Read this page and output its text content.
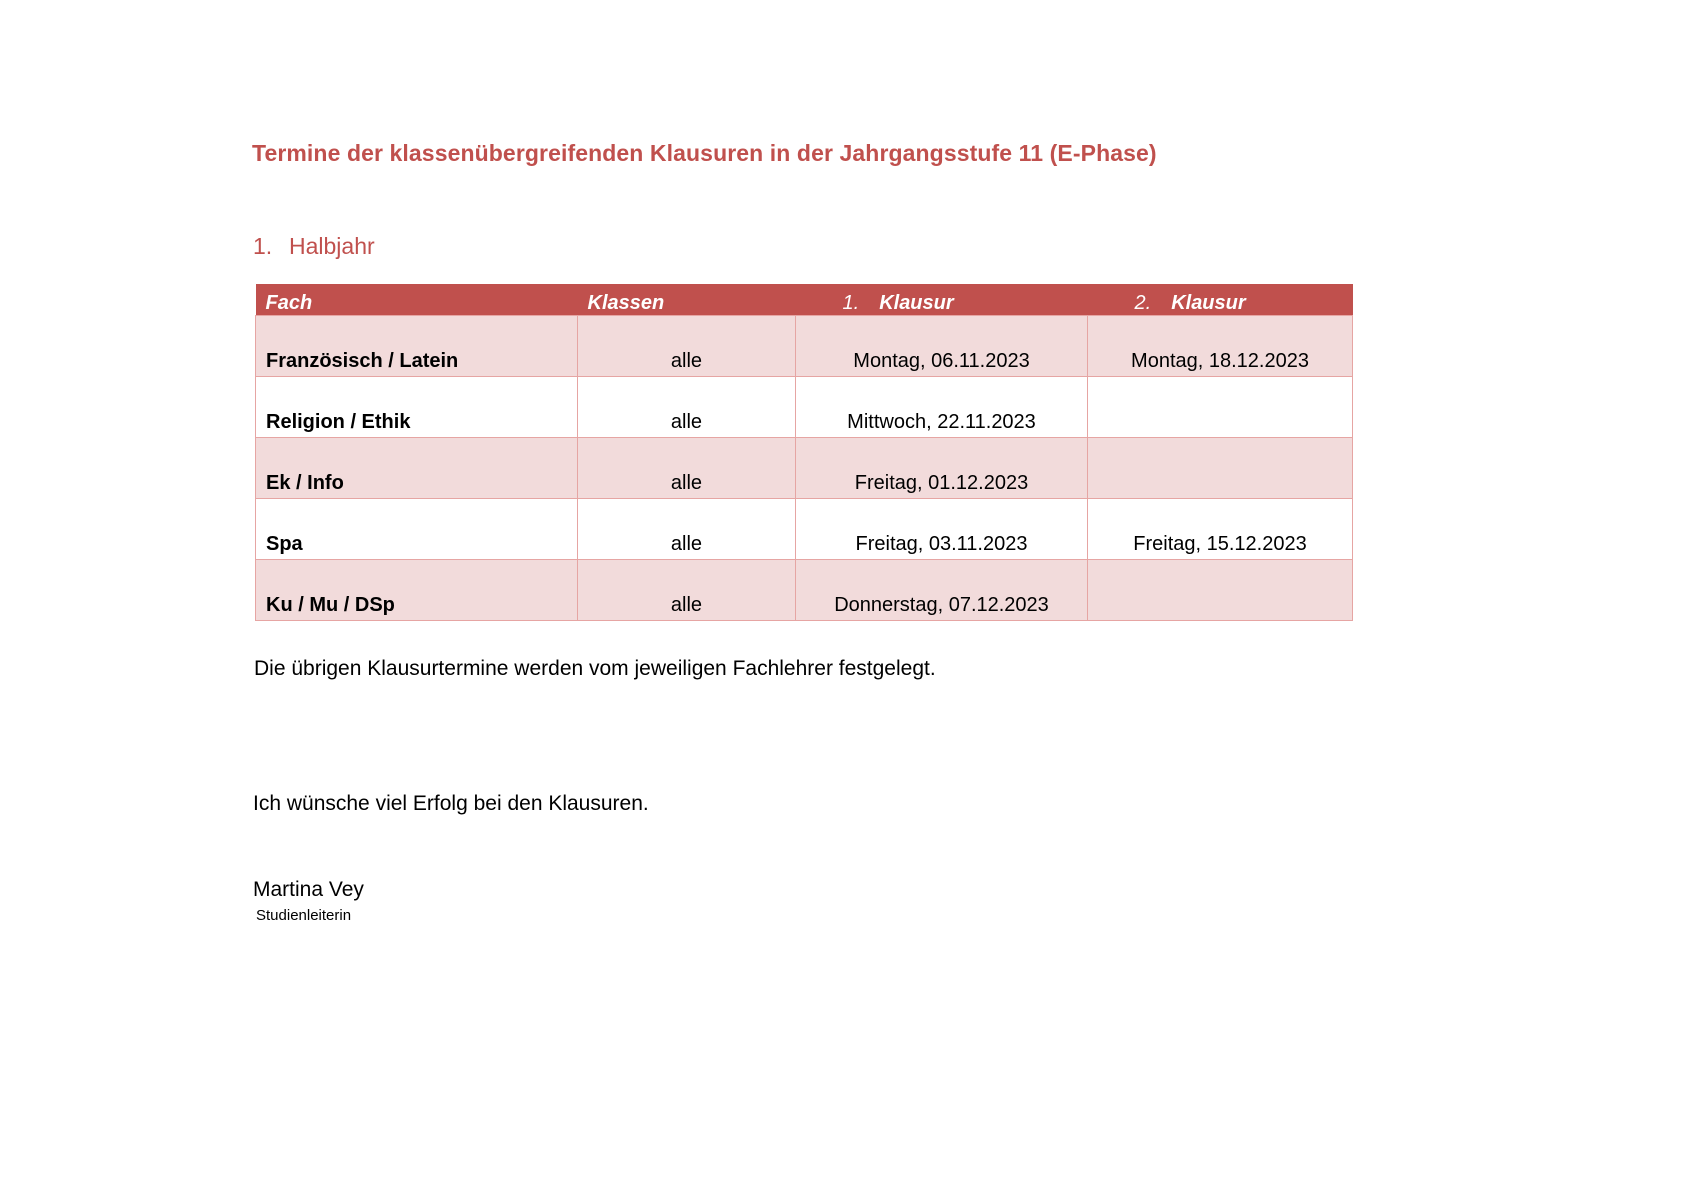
Termine der klassenübergreifenden Klausuren in der Jahrgangsstufe 11 (E-Phase)
1. Halbjahr
Fach	Klassen	1. Klausur	2. Klausur
Französisch / Latein	alle	Montag, 06.11.2023	Montag, 18.12.2023
Religion / Ethik	alle	Mittwoch, 22.11.2023	
Ek / Info	alle	Freitag, 01.12.2023	
Spa	alle	Freitag, 03.11.2023	Freitag, 15.12.2023
Ku / Mu / DSp	alle	Donnerstag, 07.12.2023	
Die übrigen Klausurtermine werden vom jeweiligen Fachlehrer festgelegt.
Ich wünsche viel Erfolg bei den Klausuren.
Martina Vey
Studienleiterin
